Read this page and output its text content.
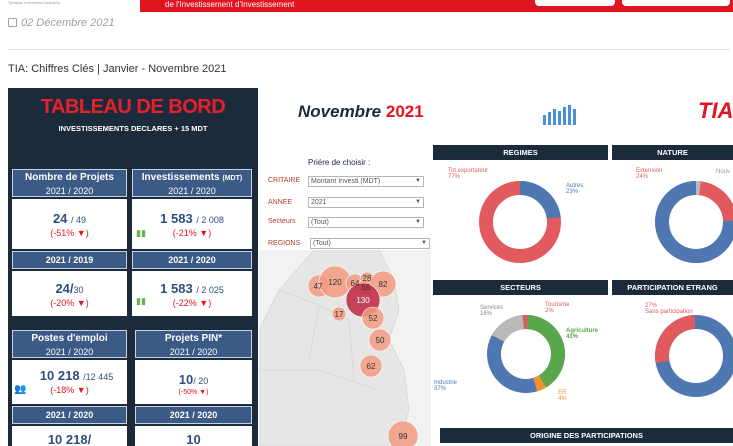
Tunisian Investment Authority	de l'Investissement d'Investissement
02 Décembre 2021
TIA: Chiffres Clés | Janvier - Novembre 2021
TABLEAU DE BORD
INVESTISSEMENTS DECLARES + 15 MDT
Nombre de Projets
2021 / 2020
24 / 49
(-51% ▼)
2021 / 2019
24/30
(-20% ▼)
Investissements (MDT)
2021 / 2020
1 583 / 2 008
(-21% ▼)
▮▮
2021 / 2020
1 583 / 2 025
(-22% ▼)
▮▮
Postes d'emploi
2021 / 2020
10 218 /12 445
(-18% ▼)
👥
2021 / 2020
10 218/
Projets PIN*
2021 / 2020
10/ 20
(-50% ▼)
2021 / 2020
10
Novembre 2021	TIA
Priére de choisir :
CRITAIRE	Montant Investi (MDT)	▼
ANNEE	2021	▼
Secteurs	(Tout)	▼
REGIONS	(Tout)	▼
47 120 64
28
55 82
130
17	52
50
62
99
REGIMES	NATURE
Tot.exportateur
77%
Autres
23%
Extension
24%
Nouv
SECTEURS	PARTICIPATION ETRANG
Services
16%
Tourisme
2%
Agriculture
41%
ER
4%
Industrie
37%
27%
Sans participation
ORIGINE DES PARTICIPATIONS
